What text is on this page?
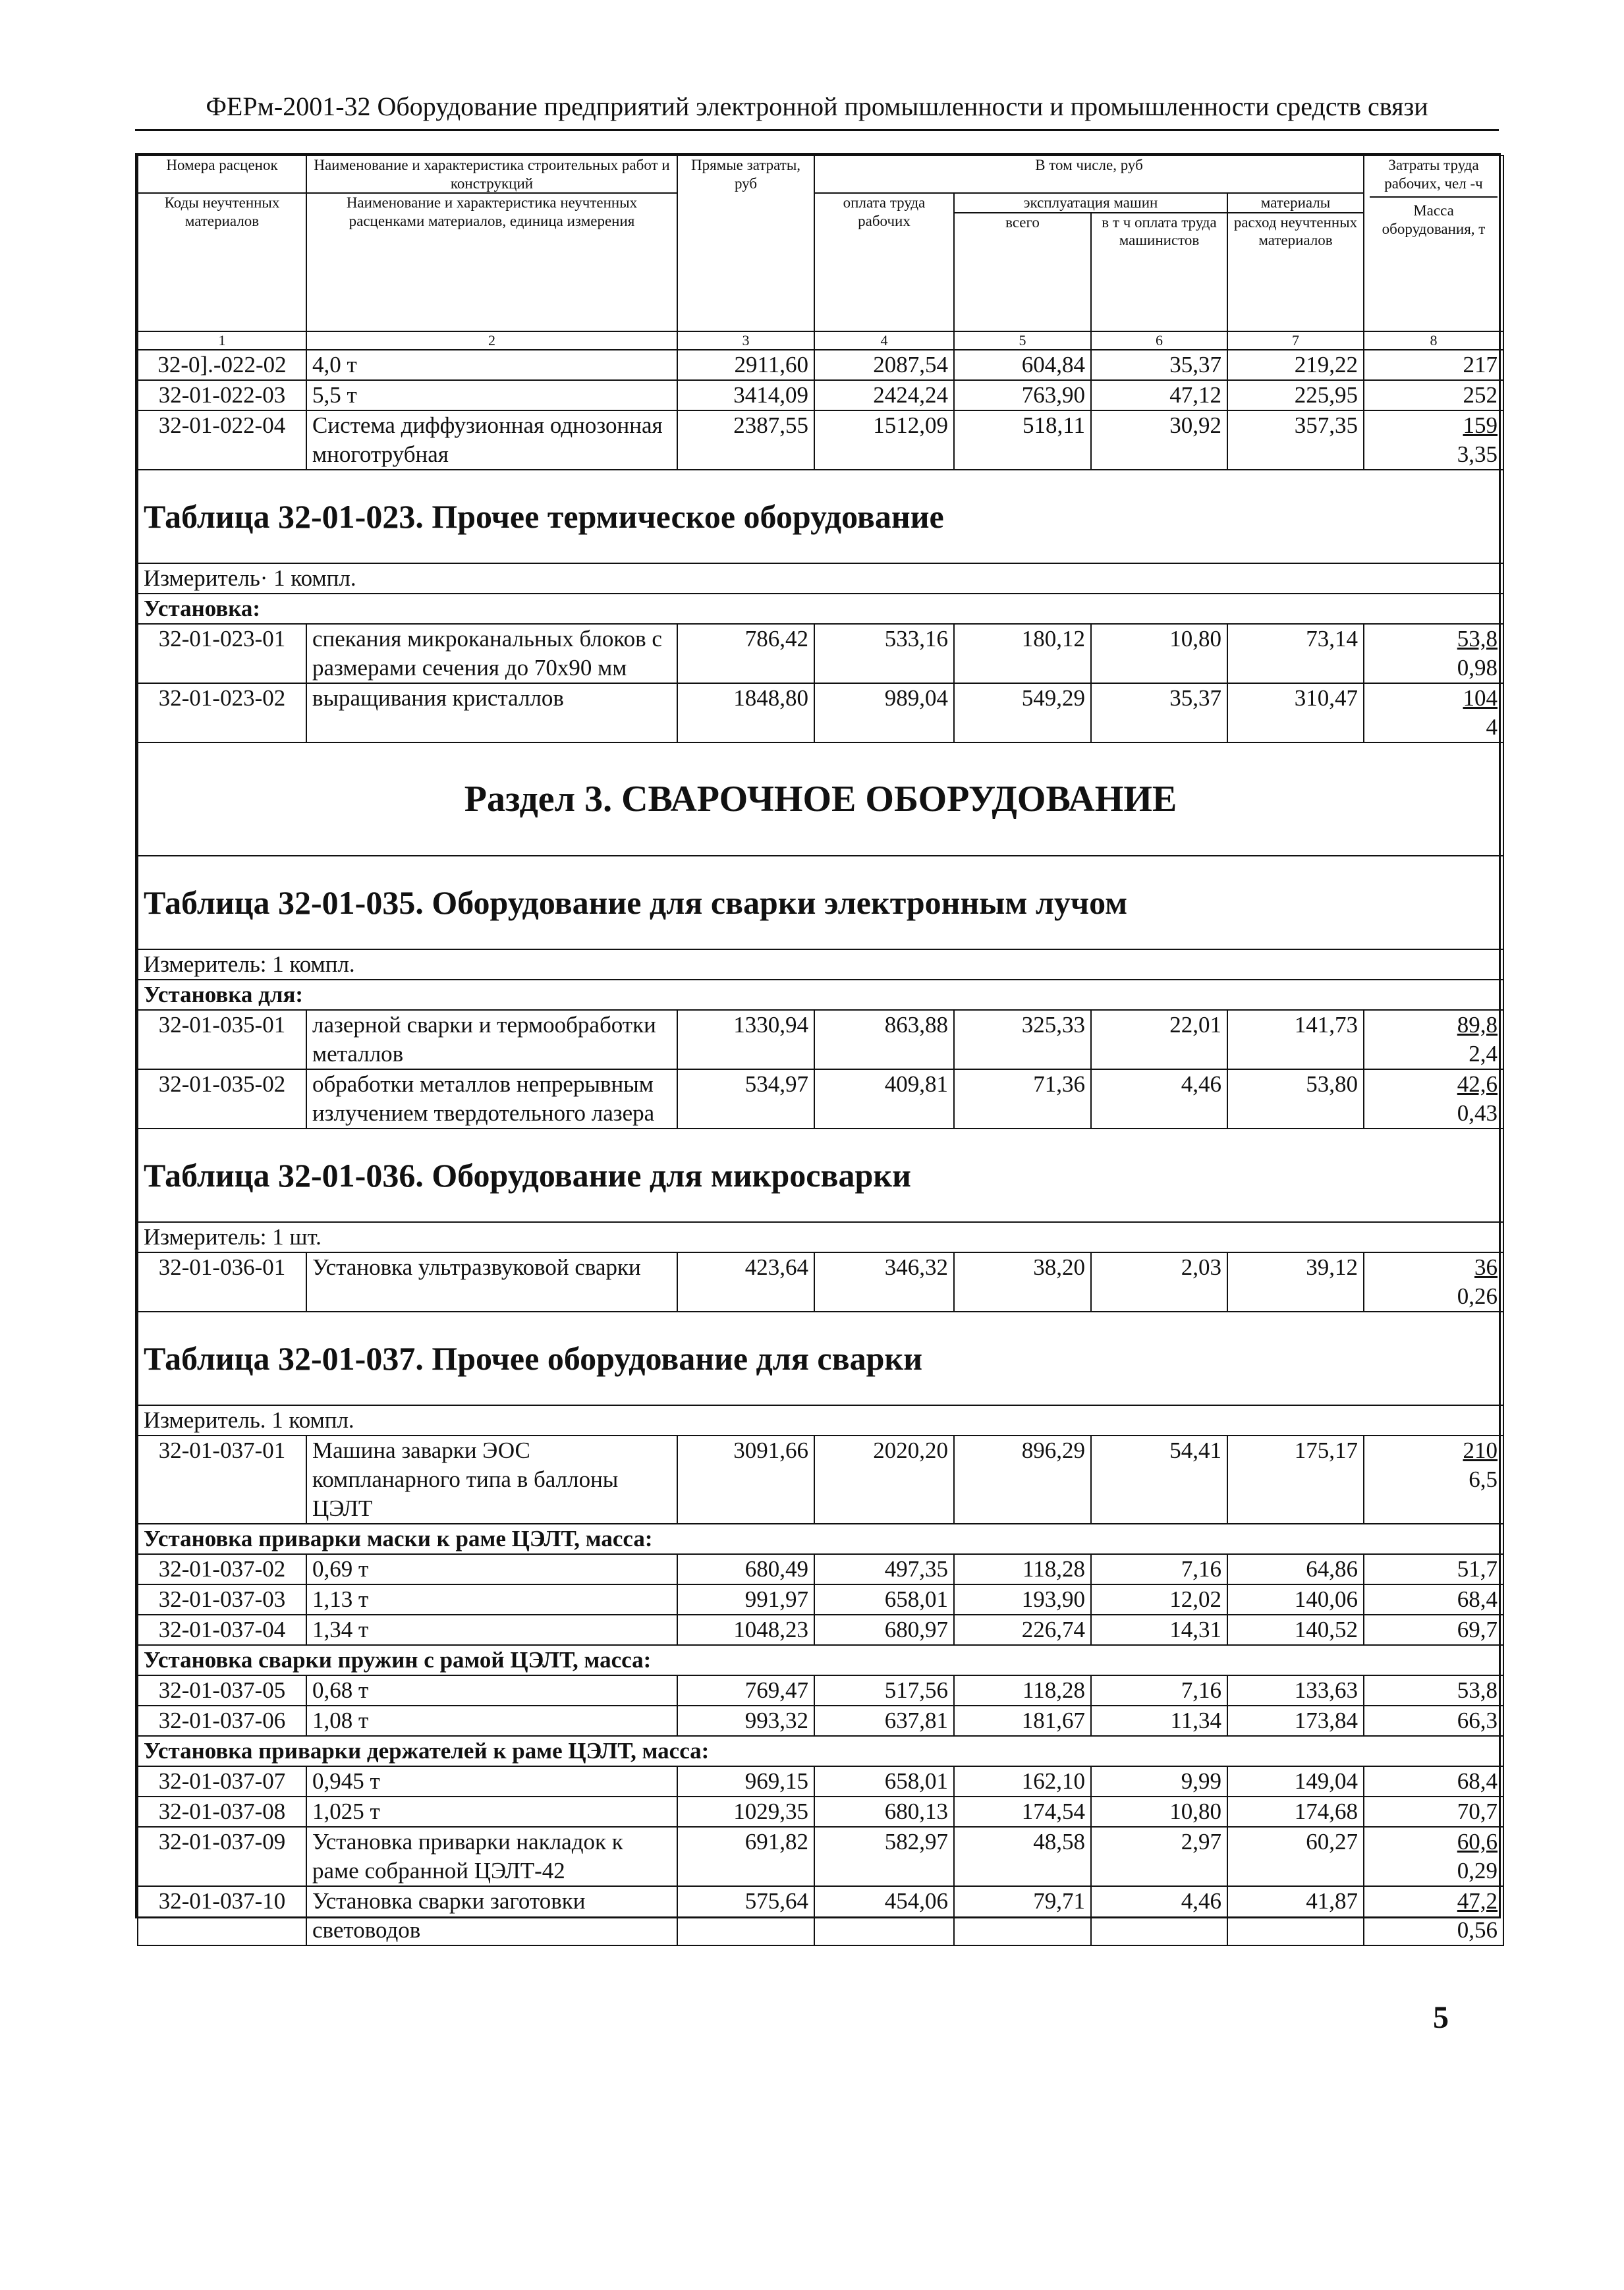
ФЕРм-2001-32 Оборудование предприятий электронной промышленности и промышленности средств связи
Номера расценок	Наименование и характеристика строительных работ и конструкций	Прямые затраты, руб	В том числе, руб				Затраты труда рабочих, чел -ч
Масса оборудования, т

Коды неучтенных материалов	Наименование и характеристика неучтенных расценками материалов, единица измерения		оплата труда рабочих	эксплуатация машин		материалы	
				всего	в т ч оплата труда машинистов	расход неучтенных материалов	
1	2	3	4	5	6	7	8
32-0].-022-02	4,0 т	2911,60	2087,54	604,84	35,37	219,22	217
32-01-022-03	5,5 т	3414,09	2424,24	763,90	47,12	225,95	252
32-01-022-04	Система диффузионная однозонная многотрубная	2387,55	1512,09	518,11	30,92	357,35	159
3,35

Таблица 32-01-023. Прочее термическое оборудование							
Измеритель· 1 компл.							
Установка:							
32-01-023-01	спекания микроканальных блоков с размерами сечения до 70х90 мм	786,42	533,16	180,12	10,80	73,14	53,8
0,98

32-01-023-02	выращивания кристаллов	1848,80	989,04	549,29	35,37	310,47	104
4

Раздел 3. СВАРОЧНОЕ ОБОРУДОВАНИЕ							
Таблица 32-01-035. Оборудование для сварки электронным лучом							
Измеритель: 1 компл.							
Установка для:							
32-01-035-01	лазерной сварки и термообработки металлов	1330,94	863,88	325,33	22,01	141,73	89,8
2,4

32-01-035-02	обработки металлов непрерывным излучением твердотельного лазера	534,97	409,81	71,36	4,46	53,80	42,6
0,43

Таблица 32-01-036. Оборудование для микросварки							
Измеритель: 1 шт.							
32-01-036-01	Установка ультразвуковой сварки	423,64	346,32	38,20	2,03	39,12	36
0,26

Таблица 32-01-037. Прочее оборудование для сварки							
Измеритель. 1 компл.							
32-01-037-01	Машина заварки ЭОС компланарного типа в баллоны ЦЭЛТ	3091,66	2020,20	896,29	54,41	175,17	210
6,5

Установка приварки маски к раме ЦЭЛТ, масса:							
32-01-037-02	0,69 т	680,49	497,35	118,28	7,16	64,86	51,7
32-01-037-03	1,13 т	991,97	658,01	193,90	12,02	140,06	68,4
32-01-037-04	1,34 т	1048,23	680,97	226,74	14,31	140,52	69,7
Установка сварки пружин с рамой ЦЭЛТ, масса:							
32-01-037-05	0,68 т	769,47	517,56	118,28	7,16	133,63	53,8
32-01-037-06	1,08 т	993,32	637,81	181,67	11,34	173,84	66,3
Установка приварки держателей к раме ЦЭЛТ, масса:							
32-01-037-07	0,945 т	969,15	658,01	162,10	9,99	149,04	68,4
32-01-037-08	1,025 т	1029,35	680,13	174,54	10,80	174,68	70,7
32-01-037-09	Установка приварки накладок к раме собранной ЦЭЛТ-42	691,82	582,97	48,58	2,97	60,27	60,6
0,29

32-01-037-10	Установка сварки заготовки световодов	575,64	454,06	79,71	4,46	41,87	47,2
0,56
5
